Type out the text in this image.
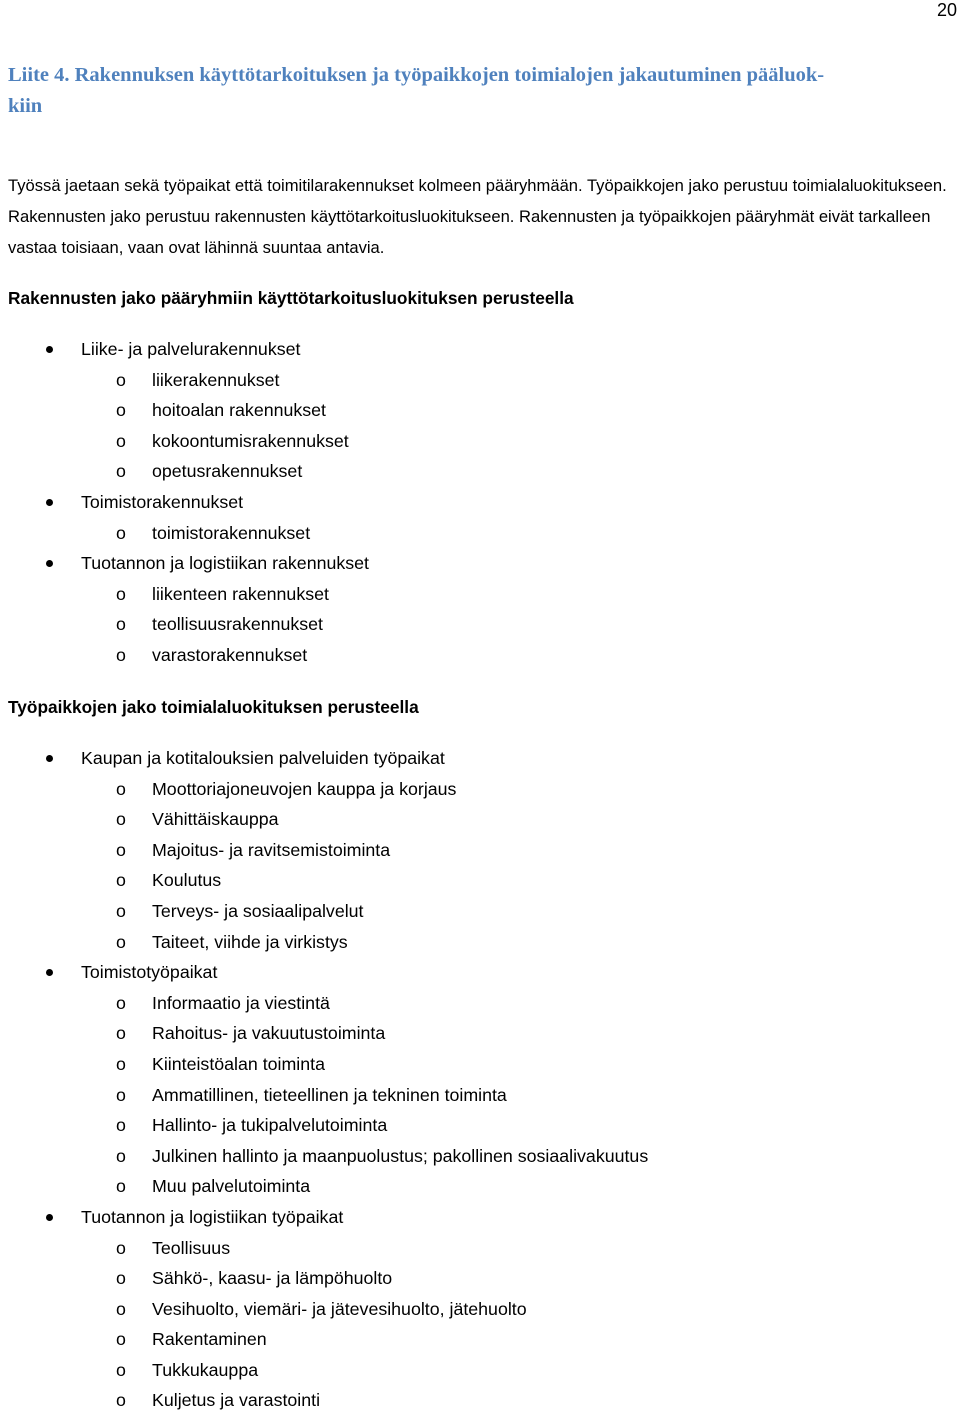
20
Liite 4. Rakennuksen käyttötarkoituksen ja työpaikkojen toimialojen jakautuminen pääluok-
kiin

Työssä jaetaan sekä työpaikat että toimitilarakennukset kolmeen pääryhmään. Työpaikkojen jako perustuu toimialaluokitukseen. Rakennusten jako perustuu rakennusten käyttötarkoitusluokitukseen. Rakennusten ja työpaikkojen pääryhmät eivät tarkalleen vastaa toisiaan, vaan ovat lähinnä suuntaa antavia.

Rakennusten jako pääryhmiin käyttötarkoitusluokituksen perusteella
Liike- ja palvelurakennukset
o liikerakennukset
o hoitoalan rakennukset
o kokoontumisrakennukset
o opetusrakennukset
Toimistorakennukset
o toimistorakennukset
Tuotannon ja logistiikan rakennukset
o liikenteen rakennukset
o teollisuusrakennukset
o varastorakennukset
Työpaikkojen jako toimialaluokituksen perusteella
Kaupan ja kotitalouksien palveluiden työpaikat
o Moottoriajoneuvojen kauppa ja korjaus
o Vähittäiskauppa
o Majoitus- ja ravitsemistoiminta
o Koulutus
o Terveys- ja sosiaalipalvelut
o Taiteet, viihde ja virkistys
Toimistotyöpaikat
o Informaatio ja viestintä
o Rahoitus- ja vakuutustoiminta
o Kiinteistöalan toiminta
o Ammatillinen, tieteellinen ja tekninen toiminta
o Hallinto- ja tukipalvelutoiminta
o Julkinen hallinto ja maanpuolustus; pakollinen sosiaalivakuutus
o Muu palvelutoiminta
Tuotannon ja logistiikan työpaikat
o Teollisuus
o Sähkö-, kaasu- ja lämpöhuolto
o Vesihuolto, viemäri- ja jätevesihuolto, jätehuolto
o Rakentaminen
o Tukkukauppa
o Kuljetus ja varastointi
